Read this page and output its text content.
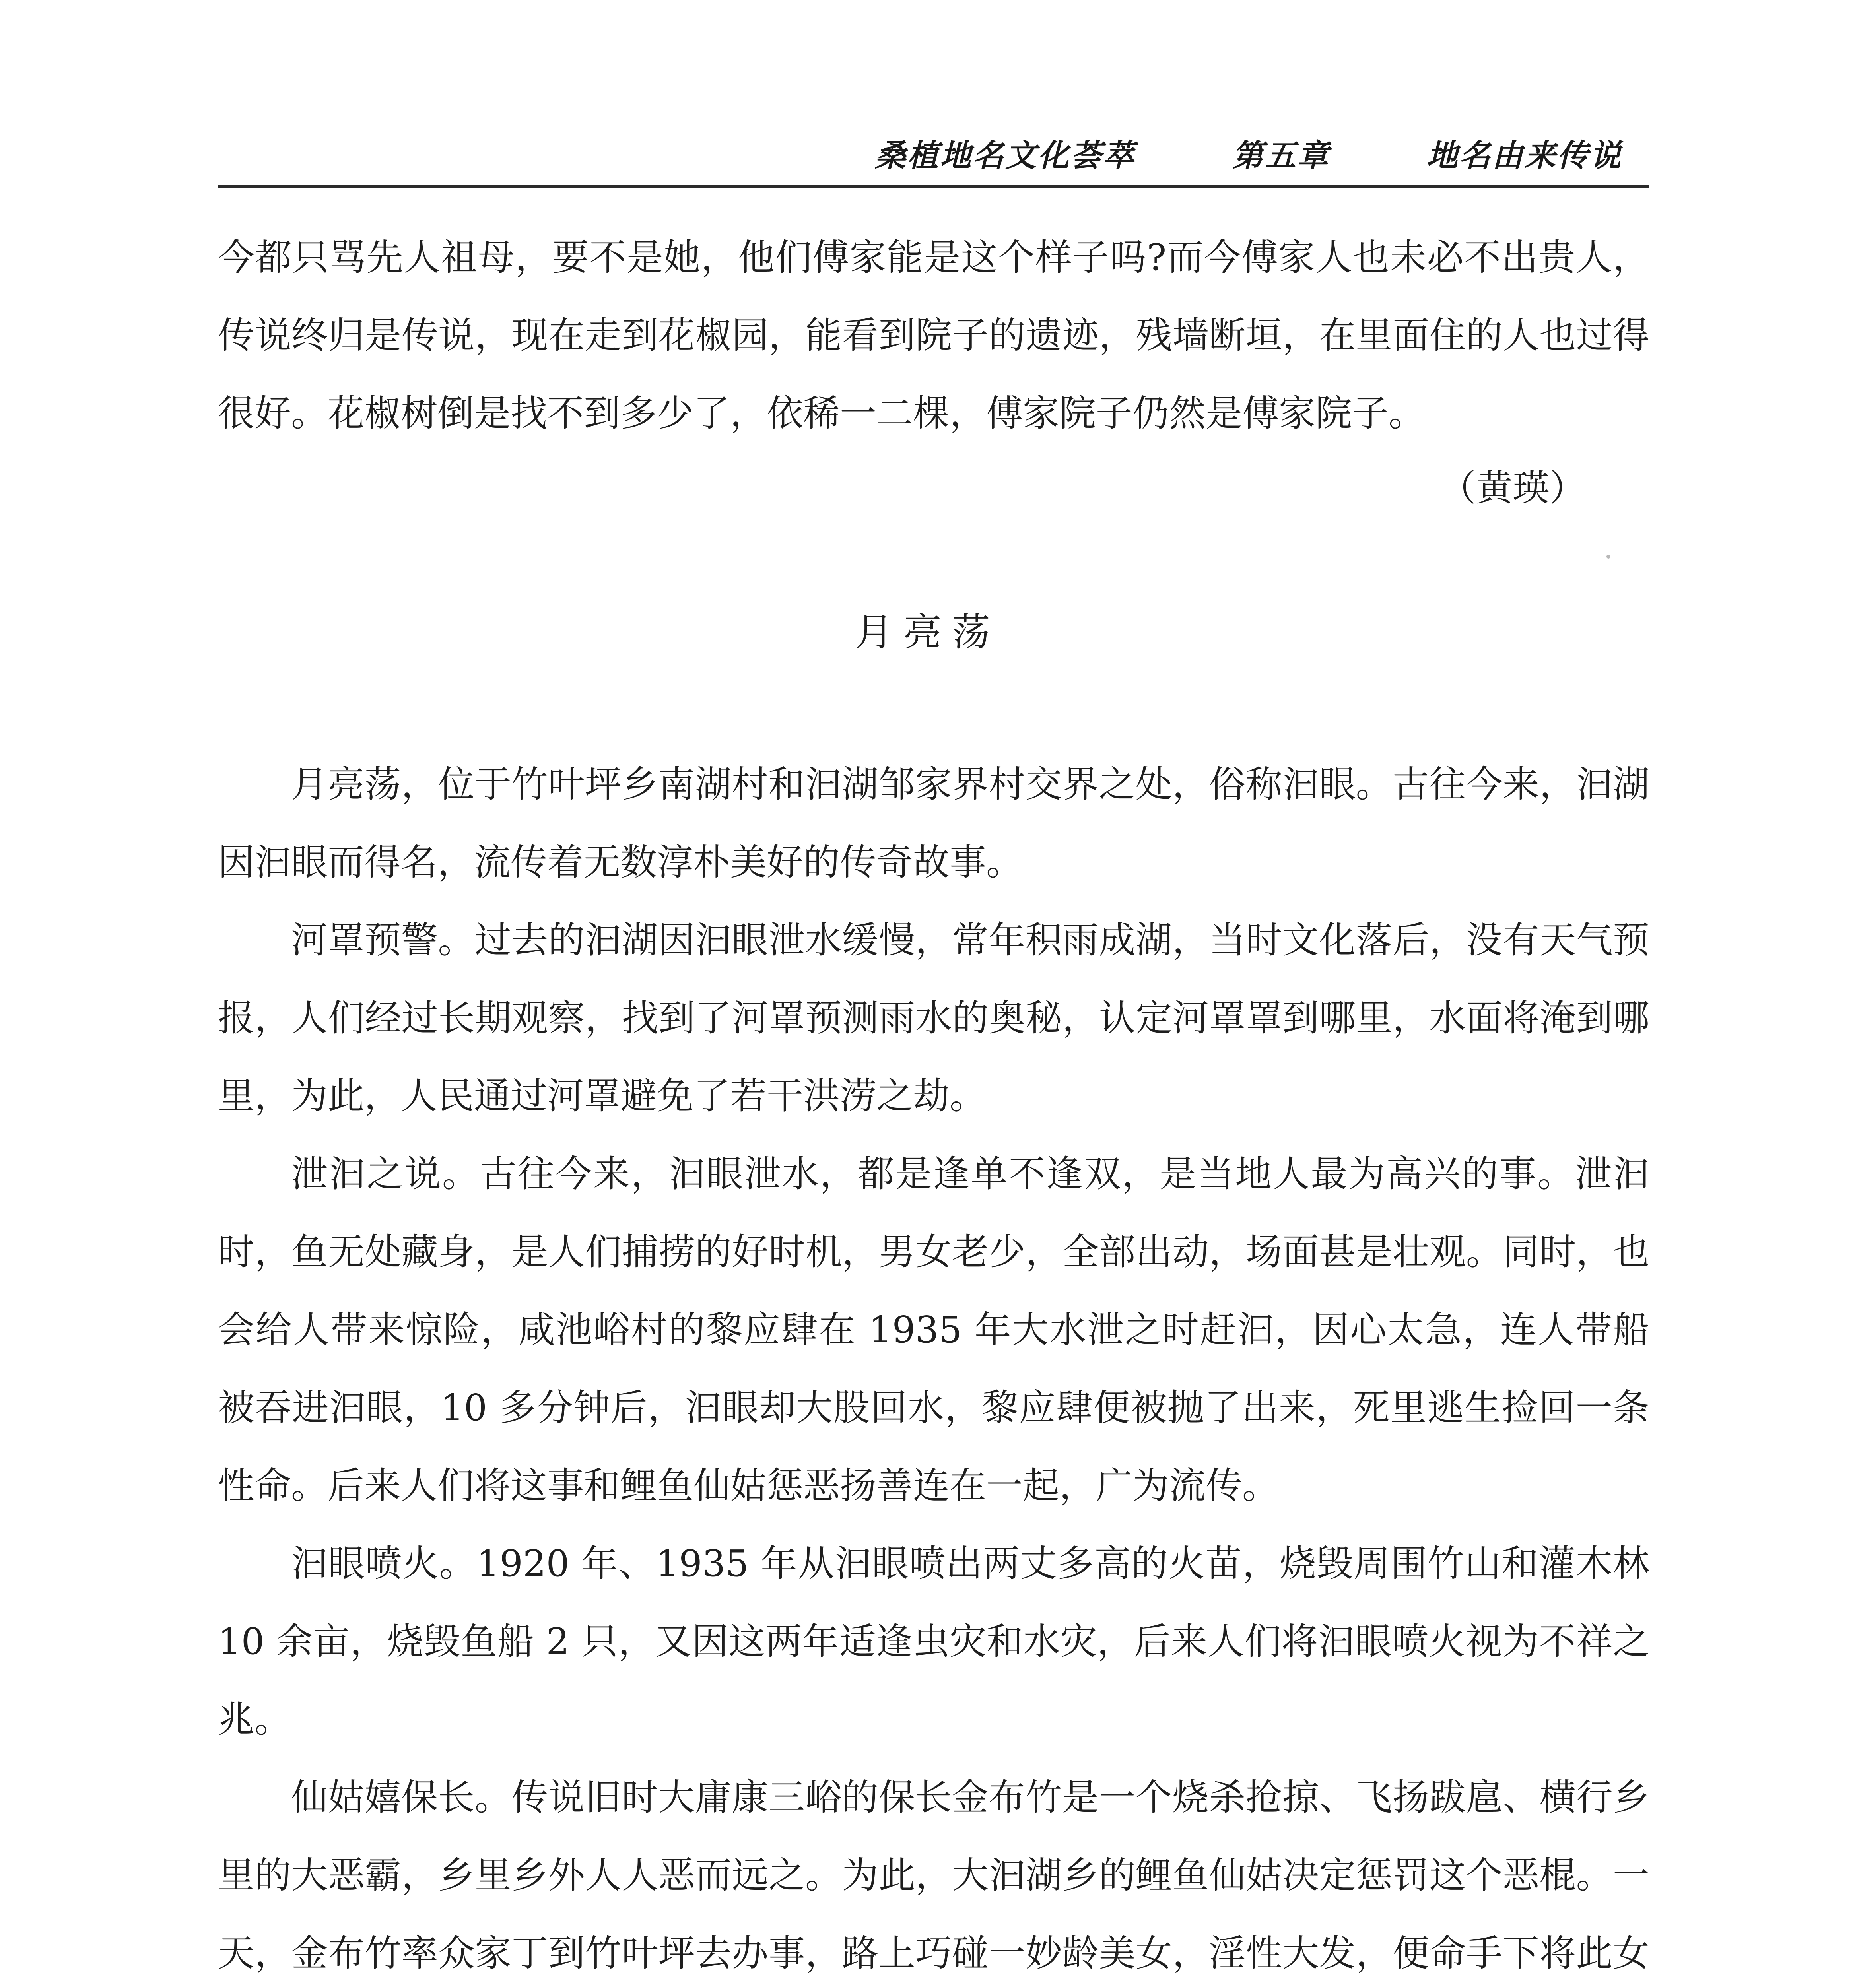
桑植地名文化荟萃	第五章	地名由来传说

今都只骂先人祖母，要不是她，他们傅家能是这个样子吗?而今傅家人也未必不出贵人，传说终归是传说，现在走到花椒园，能看到院子的遗迹，残墙断垣，在里面住的人也过得很好。花椒树倒是找不到多少了，依稀一二棵，傅家院子仍然是傅家院子。

（黄瑛）
月亮荡

月亮荡，位于竹叶坪乡南湖村和汩湖邹家界村交界之处，俗称汩眼。古往今来，汩湖因汩眼而得名，流传着无数淳朴美好的传奇故事。

河罩预警。过去的汩湖因汩眼泄水缓慢，常年积雨成湖，当时文化落后，没有天气预报，人们经过长期观察，找到了河罩预测雨水的奥秘，认定河罩罩到哪里，水面将淹到哪里，为此，人民通过河罩避免了若干洪涝之劫。

泄汩之说。古往今来，汩眼泄水，都是逢单不逢双，是当地人最为高兴的事。泄汩时，鱼无处藏身，是人们捕捞的好时机，男女老少，全部出动，场面甚是壮观。同时，也会给人带来惊险，咸池峪村的黎应肆在 1935 年大水泄之时赶汩，因心太急，连人带船被吞进汩眼，10 多分钟后，汩眼却大股回水，黎应肆便被抛了出来，死里逃生捡回一条性命。后来人们将这事和鲤鱼仙姑惩恶扬善连在一起，广为流传。

汩眼喷火。1920 年、1935 年从汩眼喷出两丈多高的火苗，烧毁周围竹山和灌木林 10 余亩，烧毁鱼船 2 只，又因这两年适逢虫灾和水灾，后来人们将汩眼喷火视为不祥之兆。

仙姑嬉保长。传说旧时大庸康三峪的保长金布竹是一个烧杀抢掠、飞扬跋扈、横行乡里的大恶霸，乡里乡外人人恶而远之。为此，大汩湖乡的鲤鱼仙姑决定惩罚这个恶棍。一天，金布竹率众家丁到竹叶坪去办事，路上巧碰一妙龄美女，淫性大发，便命手下将此女
